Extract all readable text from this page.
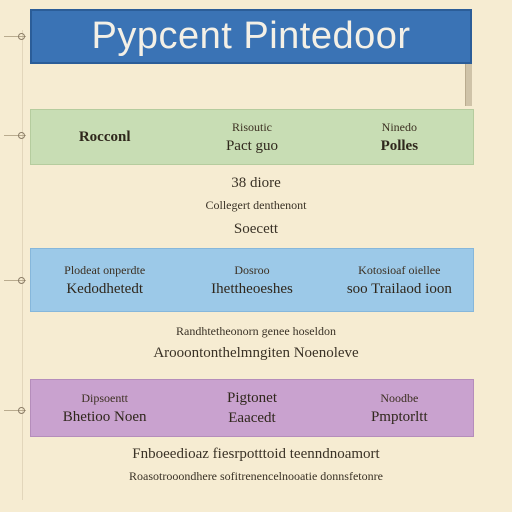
Pypcent Pintedoor
Rocconl
Risoutic
Pact guo
Ninedo
Polles
38 diore
Collegert denthenont
Soecett
Plodeat onperdte
Kedodhetedt
Dosroo
Ihettheoeshes
Kotosioaf oiellee
soo Trailaod ioon
Randhtetheonorn genee hoseldon
Arooontonthelmngiten Noenoleve
Dipsoentt
Bhetioo Noen
Pigtonet
Eaacedt
Noodbe
Pmptorltt
Fnboeedioaz fiesrpotttoid teenndnoamort
Roasotrooondhere sofitrenencelnooatie donnsfetonre
